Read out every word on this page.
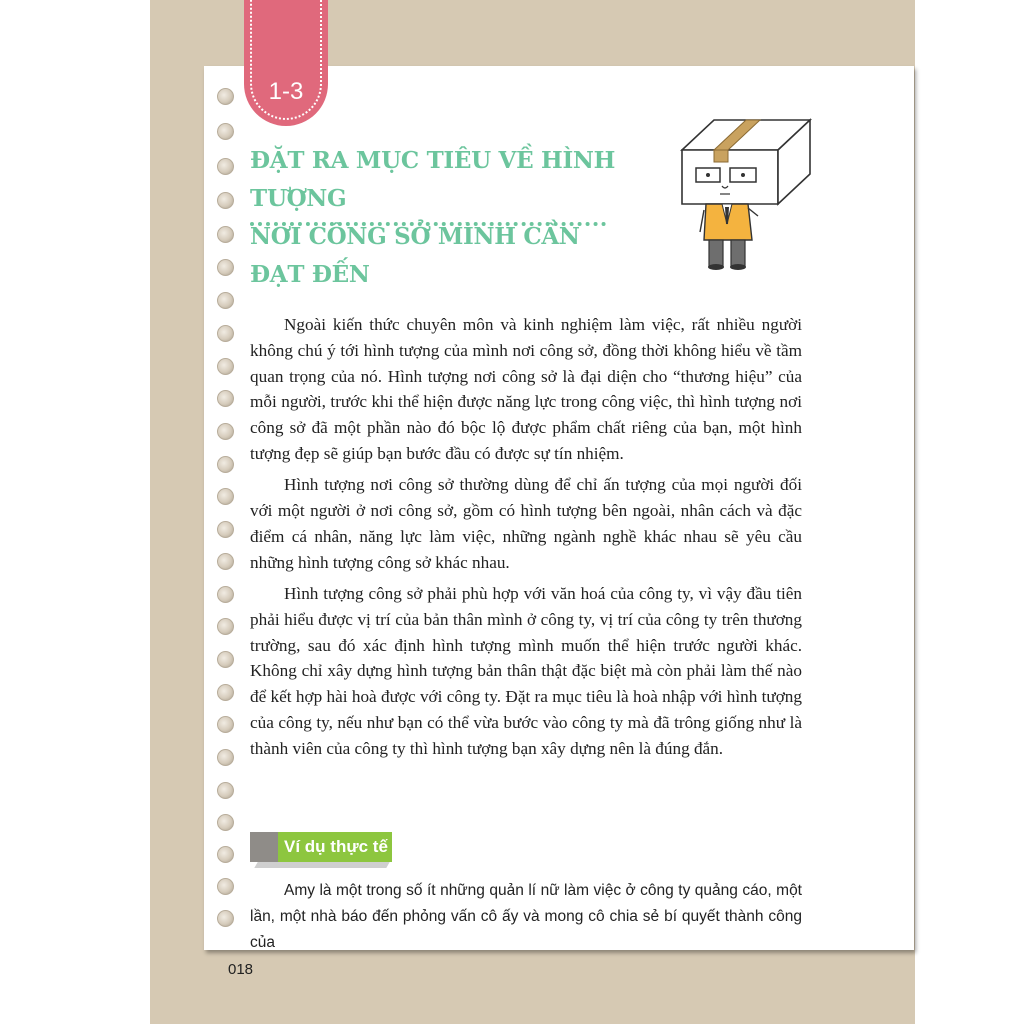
1-3
ĐẶT RA MỤC TIÊU VỀ HÌNH TƯỢNG
NƠI CÔNG SỞ MÌNH CẦN ĐẠT ĐẾN

Ngoài kiến thức chuyên môn và kinh nghiệm làm việc, rất nhiều người không chú ý tới hình tượng của mình nơi công sở, đồng thời không hiểu về tầm quan trọng của nó. Hình tượng nơi công sở là đại diện cho “thương hiệu” của mỗi người, trước khi thể hiện được năng lực trong công việc, thì hình tượng nơi công sở đã một phần nào đó bộc lộ được phẩm chất riêng của bạn, một hình tượng đẹp sẽ giúp bạn bước đầu có được sự tín nhiệm.

Hình tượng nơi công sở thường dùng để chỉ ấn tượng của mọi người đối với một người ở nơi công sở, gồm có hình tượng bên ngoài, nhân cách và đặc điểm cá nhân, năng lực làm việc, những ngành nghề khác nhau sẽ yêu cầu những hình tượng công sở khác nhau.

Hình tượng công sở phải phù hợp với văn hoá của công ty, vì vậy đầu tiên phải hiểu được vị trí của bản thân mình ở công ty, vị trí của công ty trên thương trường, sau đó xác định hình tượng mình muốn thể hiện trước người khác. Không chỉ xây dựng hình tượng bản thân thật đặc biệt mà còn phải làm thế nào để kết hợp hài hoà được với công ty. Đặt ra mục tiêu là hoà nhập với hình tượng của công ty, nếu như bạn có thể vừa bước vào công ty mà đã trông giống như là thành viên của công ty thì hình tượng bạn xây dựng nên là đúng đắn.

Ví dụ thực tế

Amy là một trong số ít những quản lí nữ làm việc ở công ty quảng cáo, một lần, một nhà báo đến phỏng vấn cô ấy và mong cô chia sẻ bí quyết thành công của

018
